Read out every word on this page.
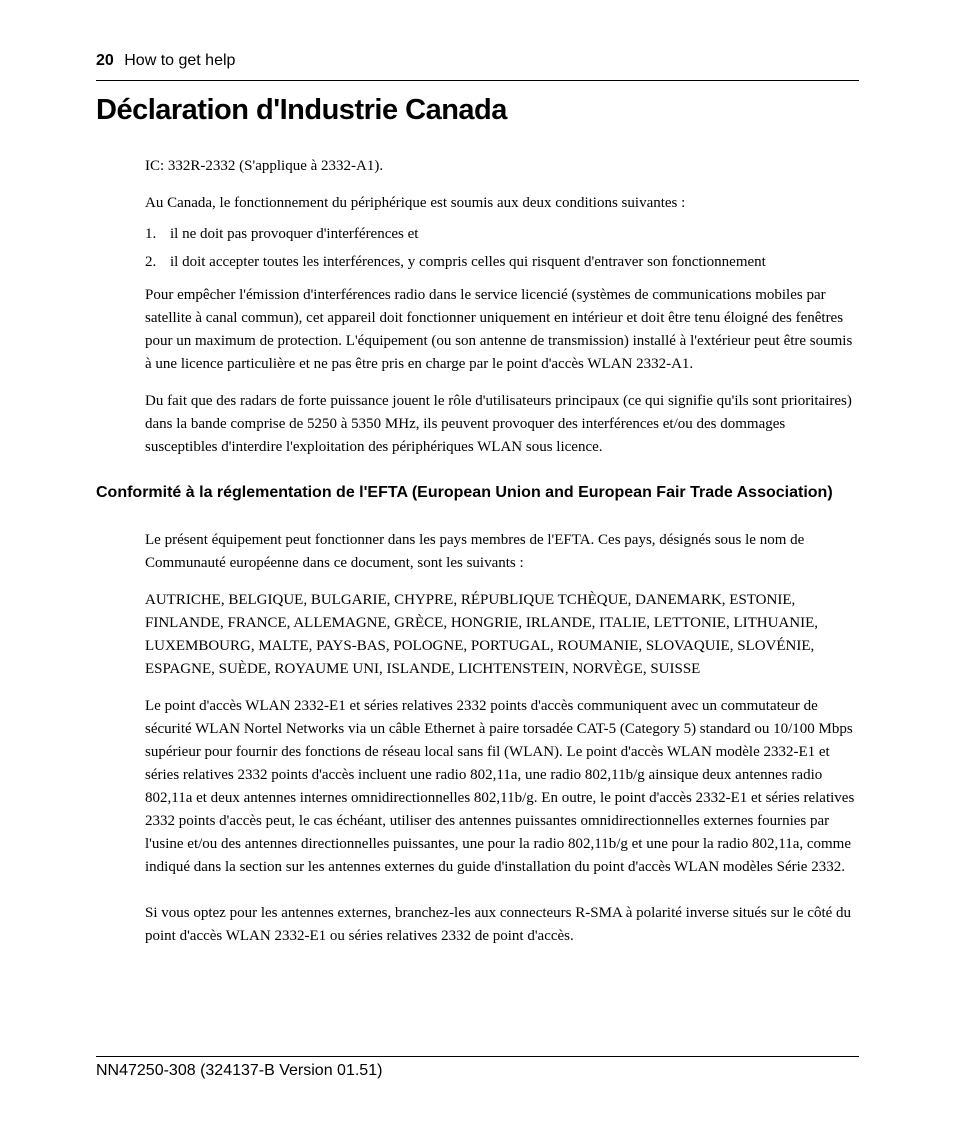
20 How to get help
Déclaration d'Industrie Canada

IC: 332R-2332 (S'applique à 2332-A1).

Au Canada, le fonctionnement du périphérique est soumis aux deux conditions suivantes :

1. il ne doit pas provoquer d'interférences et

2. il doit accepter toutes les interférences, y compris celles qui risquent d'entraver son fonctionnement

Pour empêcher l'émission d'interférences radio dans le service licencié (systèmes de communications mobiles par satellite à canal commun), cet appareil doit fonctionner uniquement en intérieur et doit être tenu éloigné des fenêtres pour un maximum de protection. L'équipement (ou son antenne de transmission) installé à l'extérieur peut être soumis à une licence particulière et ne pas être pris en charge par le point d'accès WLAN 2332-A1.

Du fait que des radars de forte puissance jouent le rôle d'utilisateurs principaux (ce qui signifie qu'ils sont prioritaires) dans la bande comprise de 5250 à 5350 MHz, ils peuvent provoquer des interférences et/ou des dommages susceptibles d'interdire l'exploitation des périphériques WLAN sous licence.

Conformité à la réglementation de l'EFTA (European Union and European Fair Trade Association)

Le présent équipement peut fonctionner dans les pays membres de l'EFTA. Ces pays, désignés sous le nom de Communauté européenne dans ce document, sont les suivants :

AUTRICHE, BELGIQUE, BULGARIE, CHYPRE, RÉPUBLIQUE TCHÈQUE, DANEMARK, ESTONIE, FINLANDE, FRANCE, ALLEMAGNE, GRÈCE, HONGRIE, IRLANDE, ITALIE, LETTONIE, LITHUANIE, LUXEMBOURG, MALTE, PAYS-BAS, POLOGNE, PORTUGAL, ROUMANIE, SLOVAQUIE, SLOVÉNIE, ESPAGNE, SUÈDE, ROYAUME UNI, ISLANDE, LICHTENSTEIN, NORVÈGE, SUISSE

Le point d'accès WLAN 2332-E1 et séries relatives 2332 points d'accès communiquent avec un commutateur de sécurité WLAN Nortel Networks via un câble Ethernet à paire torsadée CAT-5 (Category 5) standard ou 10/100 Mbps supérieur pour fournir des fonctions de réseau local sans fil (WLAN). Le point d'accès WLAN modèle 2332-E1 et séries relatives 2332 points d'accès incluent une radio 802,11a, une radio 802,11b/g ainsique deux antennes radio 802,11a et deux antennes internes omnidirectionnelles 802,11b/g. En outre, le point d'accès 2332-E1 et séries relatives 2332 points d'accès peut, le cas échéant, utiliser des antennes puissantes omnidirectionnelles externes fournies par l'usine et/ou des antennes directionnelles puissantes, une pour la radio 802,11b/g et une pour la radio 802,11a, comme indiqué dans la section sur les antennes externes du guide d'installation du point d'accès WLAN modèles Série 2332.

Si vous optez pour les antennes externes, branchez-les aux connecteurs R-SMA à polarité inverse situés sur le côté du point d'accès WLAN 2332-E1 ou séries relatives 2332 de point d'accès.

NN47250-308 (324137-B Version 01.51)
